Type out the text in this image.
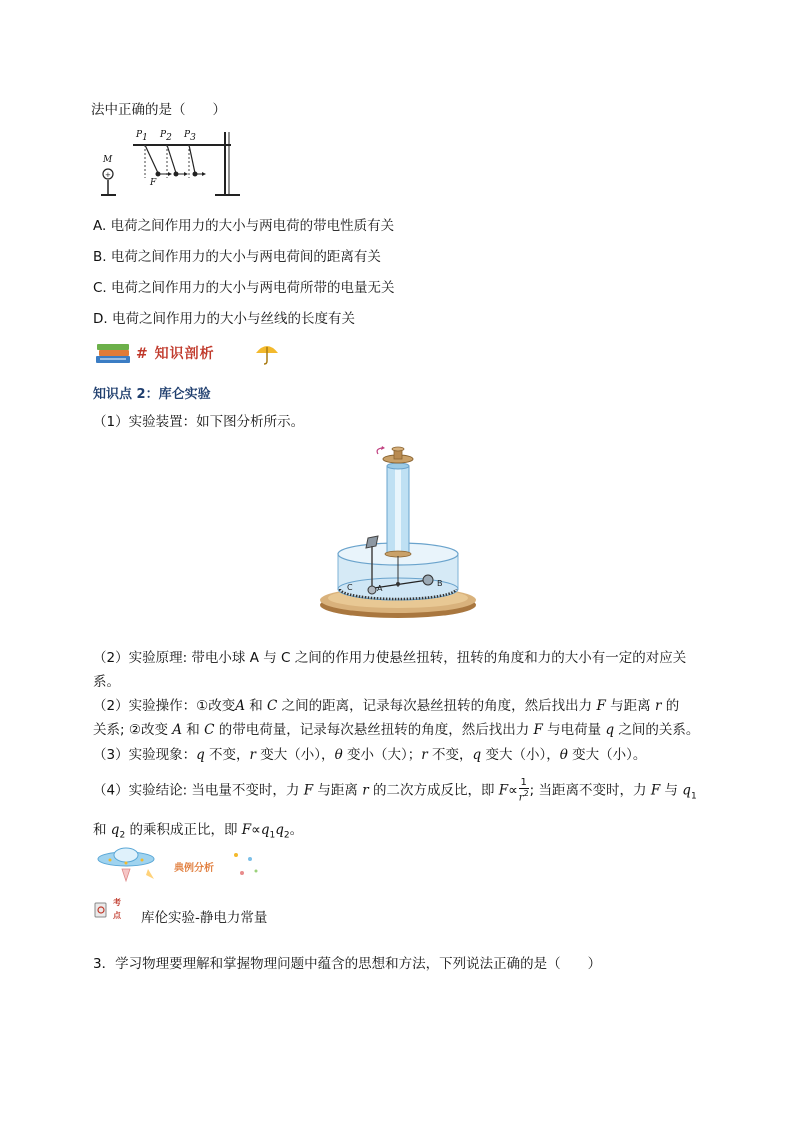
法中正确的是（　　）
+
M
$P_1$ $P_2$ $P_3$
F
A. 电荷之间作用力的大小与两电荷的带电性质有关
B. 电荷之间作用力的大小与两电荷间的距离有关
C. 电荷之间作用力的大小与两电荷所带的电量无关
D. 电荷之间作用力的大小与丝线的长度有关
# 知识剖析
知识点 2：库仑实验
（1）实验装置：如下图分析所示。
C	A
B
（2）实验原理: 带电小球 A 与 C 之间的作用力使悬丝扭转，扭转的角度和力的大小有一定的对应关
系。
（2）实验操作：①改变A 和 C 之间的距离，记录每次悬丝扭转的角度，然后找出力 F 与距离 r 的
关系; ②改变 A 和 C 的带电荷量，记录每次悬丝扭转的角度，然后找出力 F 与电荷量 q 之间的关系。
（3）实验现象：q 不变，r 变大（小），θ 变小（大）；r 不变，q 变大（小），θ 变大（小）。
（4）实验结论: 当电量不变时，力 F 与距离 r 的二次方成反比，即 $F\propto \frac{1}{r^2}$ ; 当距离不变时，力 F 与 $q_1$
和 $q_2$ 的乘积成正比，即 $F\propto q_1q_2$。
典例分析
考
点 库伦实验-静电力常量
3．学习物理要理解和掌握物理问题中蕴含的思想和方法，下列说法正确的是（　　）
